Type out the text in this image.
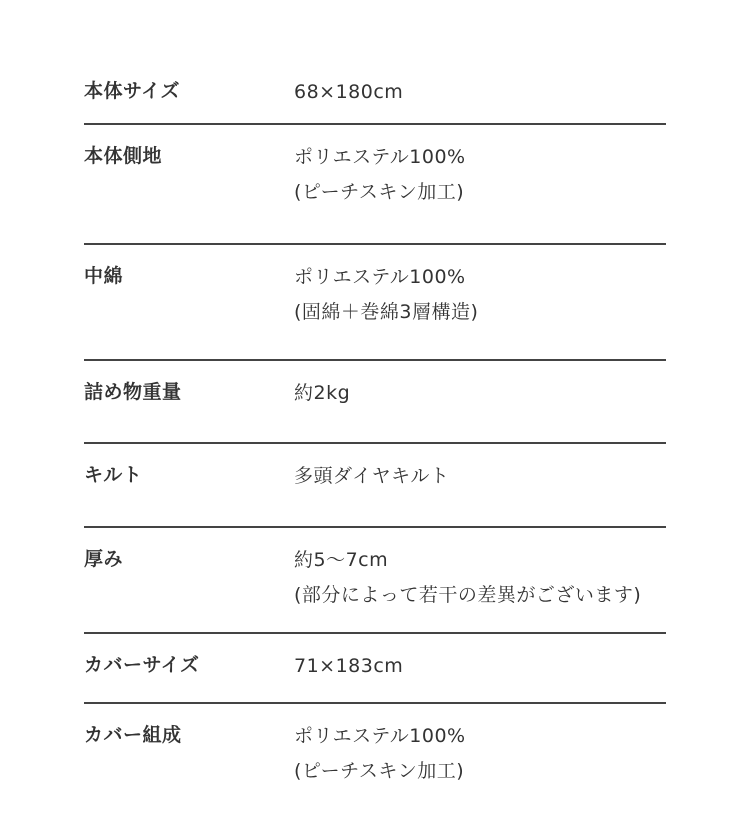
本体サイズ	68×180cm
本体側地	ポリエステル100%
(ピーチスキン加工)
中綿	ポリエステル100%
(固綿＋巻綿3層構造)
詰め物重量	約2kg
キルト	多頭ダイヤキルト
厚み	約5〜7cm
(部分によって若干の差異がございます)
カバーサイズ	71×183cm
カバー組成	ポリエステル100%
(ピーチスキン加工)
